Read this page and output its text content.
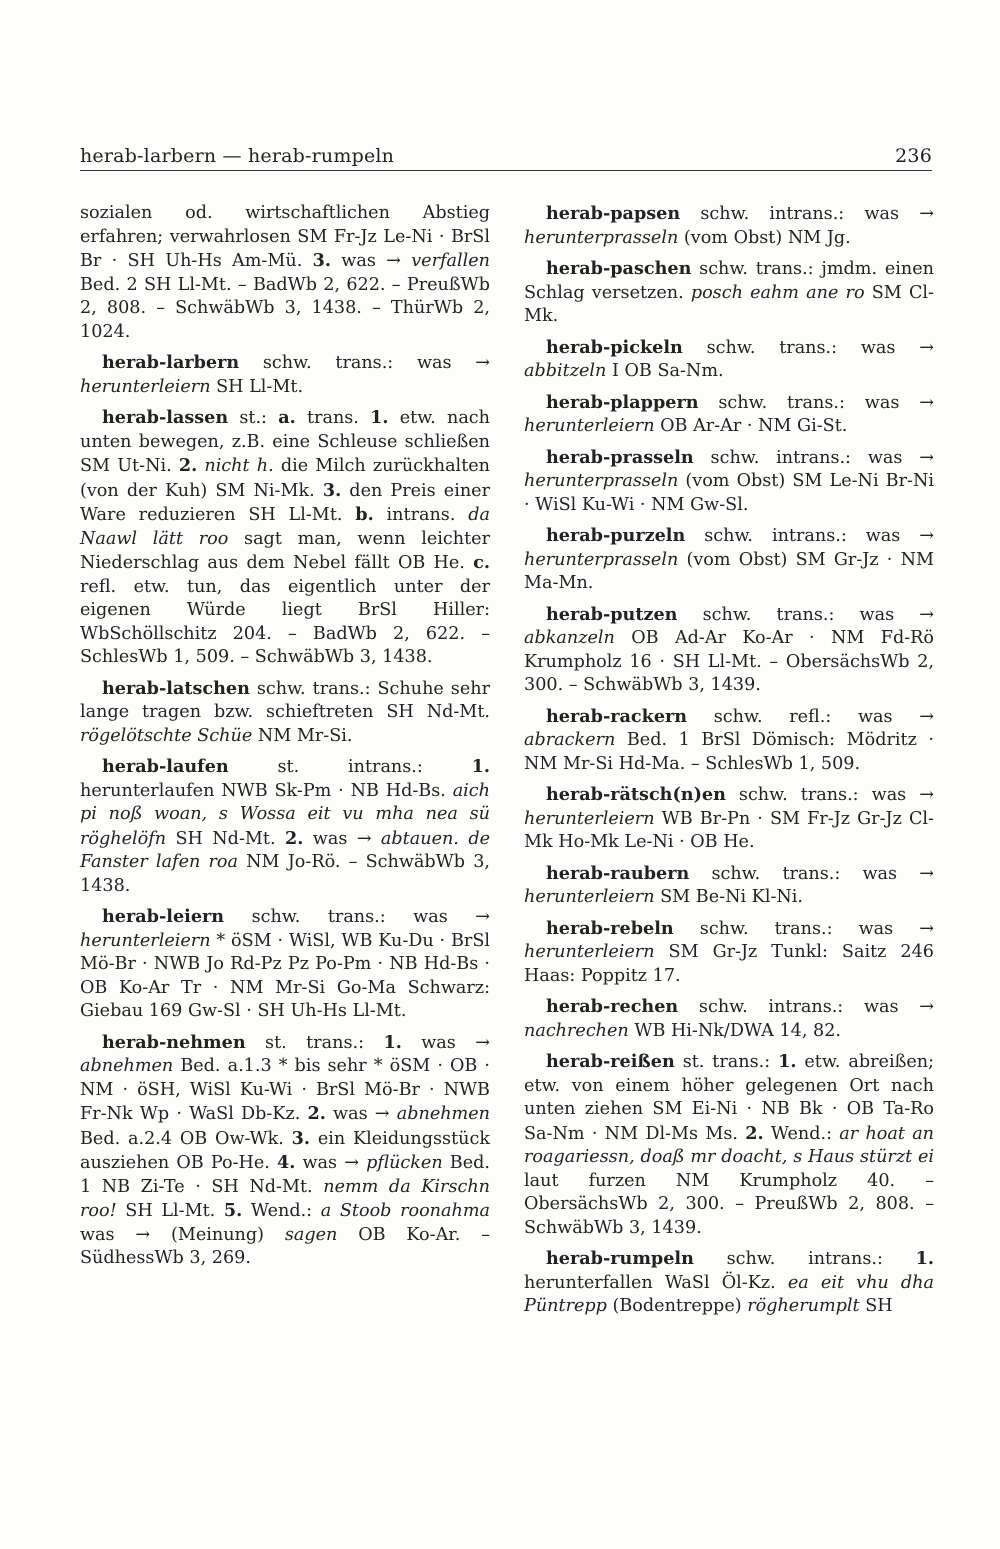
herab-larbern — herab-rumpeln	236

sozialen od. wirtschaftlichen Abstieg erfahren; verwahrlosen SM Fr-Jz Le-Ni · BrSl Br · SH Uh-Hs Am-Mü. 3. was → verfallen Bed. 2 SH Ll-Mt. – BadWb 2, 622. – PreußWb 2, 808. – SchwäbWb 3, 1438. – ThürWb 2, 1024.

herab-larbern schw. trans.: was → herunterleiern SH Ll-Mt.

herab-lassen st.: a. trans. 1. etw. nach unten bewegen, z.B. eine Schleuse schließen SM Ut-Ni. 2. nicht h. die Milch zurückhalten (von der Kuh) SM Ni-Mk. 3. den Preis einer Ware reduzieren SH Ll-Mt. b. intrans. da Naawl lätt roo sagt man, wenn leichter Niederschlag aus dem Nebel fällt OB He. c. refl. etw. tun, das eigentlich unter der eigenen Würde liegt BrSl Hiller: WbSchöllschitz 204. – BadWb 2, 622. – SchlesWb 1, 509. – SchwäbWb 3, 1438.

herab-latschen schw. trans.: Schuhe sehr lange tragen bzw. schieftreten SH Nd-Mt. rögelötschte Schüe NM Mr-Si.

herab-laufen st. intrans.: 1. herunterlaufen NWB Sk-Pm · NB Hd-Bs. aich pi noß woan, s Wossa eit vu mha nea sü röghelöfn SH Nd-Mt. 2. was → abtauen. de Fanster lafen roa NM Jo-Rö. – SchwäbWb 3, 1438.

herab-leiern schw. trans.: was → herunterleiern * öSM · WiSl, WB Ku-Du · BrSl Mö-Br · NWB Jo Rd-Pz Pz Po-Pm · NB Hd-Bs · OB Ko-Ar Tr · NM Mr-Si Go-Ma Schwarz: Giebau 169 Gw-Sl · SH Uh-Hs Ll-Mt.

herab-nehmen st. trans.: 1. was → abnehmen Bed. a.1.3 * bis sehr * öSM · OB · NM · öSH, WiSl Ku-Wi · BrSl Mö-Br · NWB Fr-Nk Wp · WaSl Db-Kz. 2. was → abnehmen Bed. a.2.4 OB Ow-Wk. 3. ein Kleidungsstück ausziehen OB Po-He. 4. was → pflücken Bed. 1 NB Zi-Te · SH Nd-Mt. nemm da Kirschn roo! SH Ll-Mt. 5. Wend.: a Stoob roonahma was → (Meinung) sagen OB Ko-Ar. – SüdhessWb 3, 269.

herab-papsen schw. intrans.: was → herunterprasseln (vom Obst) NM Jg.

herab-paschen schw. trans.: jmdm. einen Schlag versetzen. posch eahm ane ro SM Cl-Mk.

herab-pickeln schw. trans.: was → abbitzeln I OB Sa-Nm.

herab-plappern schw. trans.: was → herunterleiern OB Ar-Ar · NM Gi-St.

herab-prasseln schw. intrans.: was → herunterprasseln (vom Obst) SM Le-Ni Br-Ni · WiSl Ku-Wi · NM Gw-Sl.

herab-purzeln schw. intrans.: was → herunterprasseln (vom Obst) SM Gr-Jz · NM Ma-Mn.

herab-putzen schw. trans.: was → abkanzeln OB Ad-Ar Ko-Ar · NM Fd-Rö Krumpholz 16 · SH Ll-Mt. – ObersächsWb 2, 300. – SchwäbWb 3, 1439.

herab-rackern schw. refl.: was → abrackern Bed. 1 BrSl Dömisch: Mödritz · NM Mr-Si Hd-Ma. – SchlesWb 1, 509.

herab-rätsch(n)en schw. trans.: was → herunterleiern WB Br-Pn · SM Fr-Jz Gr-Jz Cl-Mk Ho-Mk Le-Ni · OB He.

herab-raubern schw. trans.: was → herunterleiern SM Be-Ni Kl-Ni.

herab-rebeln schw. trans.: was → herunterleiern SM Gr-Jz Tunkl: Saitz 246 Haas: Poppitz 17.

herab-rechen schw. intrans.: was → nachrechen WB Hi-Nk/DWA 14, 82.

herab-reißen st. trans.: 1. etw. abreißen; etw. von einem höher gelegenen Ort nach unten ziehen SM Ei-Ni · NB Bk · OB Ta-Ro Sa-Nm · NM Dl-Ms Ms. 2. Wend.: ar hoat an roagariessn, doaß mr doacht, s Haus stürzt ei laut furzen NM Krumpholz 40. – ObersächsWb 2, 300. – PreußWb 2, 808. – SchwäbWb 3, 1439.

herab-rumpeln schw. intrans.: 1. herunterfallen WaSl Öl-Kz. ea eit vhu dha Püntrepp (Bodentreppe) rögherumplt SH
